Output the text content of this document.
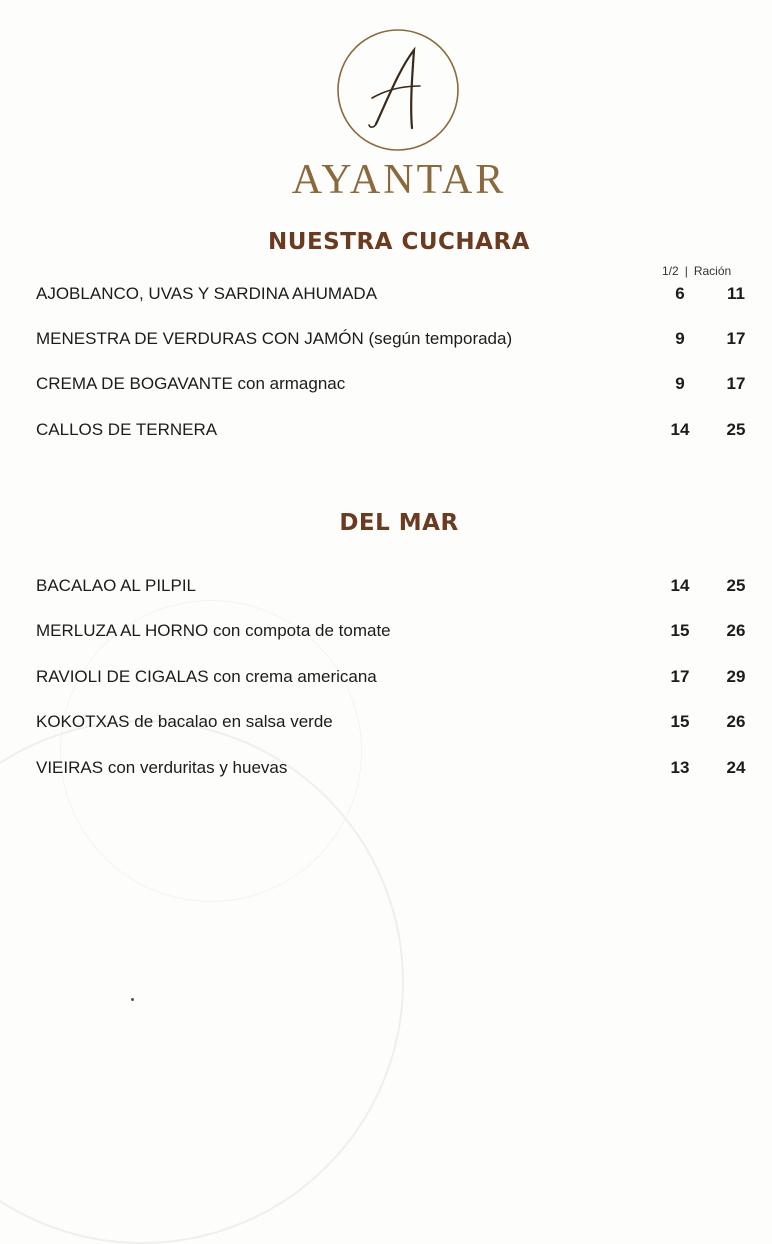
AYANTAR
NUESTRA CUCHARA
1/2 | Ración
AJOBLANCO, UVAS Y SARDINA AHUMADA	6	11
MENESTRA DE VERDURAS CON JAMÓN (según temporada)	9	17
CREMA DE BOGAVANTE con armagnac	9	17
CALLOS DE TERNERA	14	25
DEL MAR
BACALAO AL PILPIL	14	25
MERLUZA AL HORNO con compota de tomate	15	26
RAVIOLI DE CIGALAS con crema americana	17	29
KOKOTXAS de bacalao en salsa verde	15	26
VIEIRAS con verduritas y huevas	13	24
